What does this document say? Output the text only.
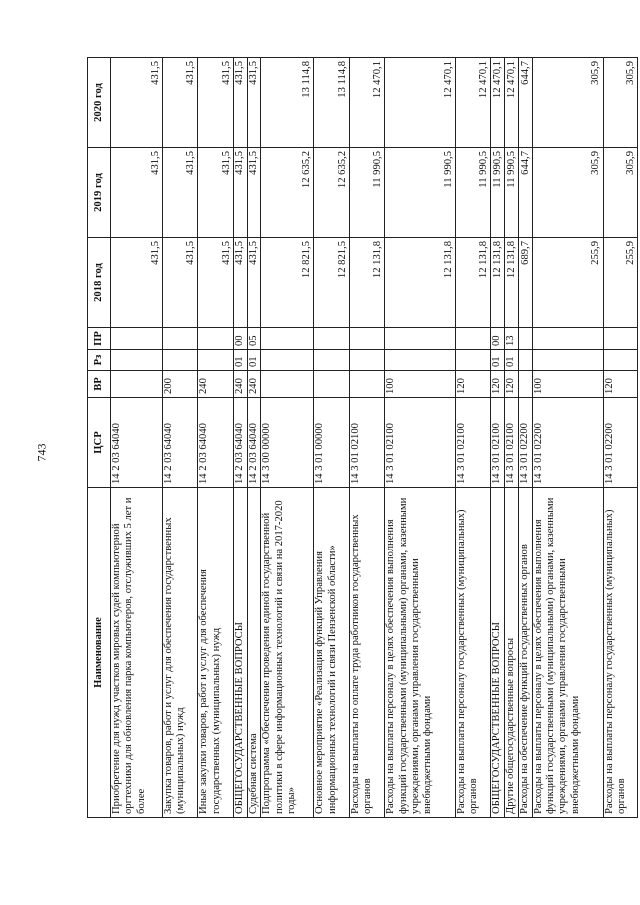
743
Наименование	ЦСР	ВР	Рз	ПР	2018 год	2019 год	2020 год
Приобретение для нужд участков мировых судей компьютерной оргтехники для обновления парка компьютеров, отслуживших 5 лет и более	14 2 03 64040				431,5	431,5	431,5
Закупка товаров, работ и услуг для обеспечения государственных (муниципальных) нужд	14 2 03 64040	200			431,5	431,5	431,5
Иные закупки товаров, работ и услуг для обеспечения государственных (муниципальных) нужд	14 2 03 64040	240			431,5	431,5	431,5
ОБЩЕГОСУДАРСТВЕННЫЕ ВОПРОСЫ	14 2 03 64040	240	01	00	431,5	431,5	431,5
Судебная система	14 2 03 64040	240	01	05	431,5	431,5	431,5
Подпрограмма «Обеспечение проведения единой государственной политики в сфере информационных технологий и связи на 2017-2020 годы»	14 3 00 00000				12 821,5	12 635,2	13 114,8
Основное мероприятие «Реализация функций Управления информационных технологий и связи Пензенской области»	14 3 01 00000				12 821,5	12 635,2	13 114,8
Расходы на выплаты по оплате труда работников государственных органов	14 3 01 02100				12 131,8	11 990,5	12 470,1
Расходы на выплаты персоналу в целях обеспечения выполнения функций государственными (муниципальными) органами, казенными учреждениями, органами управления государственными внебюджетными фондами	14 3 01 02100	100			12 131,8	11 990,5	12 470,1
Расходы на выплаты персоналу государственных (муниципальных) органов	14 3 01 02100	120			12 131,8	11 990,5	12 470,1
ОБЩЕГОСУДАРСТВЕННЫЕ ВОПРОСЫ	14 3 01 02100	120	01	00	12 131,8	11 990,5	12 470,1
Другие общегосударственные вопросы	14 3 01 02100	120	01	13	12 131,8	11 990,5	12 470,1
Расходы на обеспечение функций государственных органов	14 3 01 02200				689,7	644,7	644,7
Расходы на выплаты персоналу в целях обеспечения выполнения функций государственными (муниципальными) органами, казенными учреждениями, органами управления государственными внебюджетными фондами	14 3 01 02200	100			255,9	305,9	305,9
Расходы на выплаты персоналу государственных (муниципальных) органов	14 3 01 02200	120			255,9	305,9	305,9
